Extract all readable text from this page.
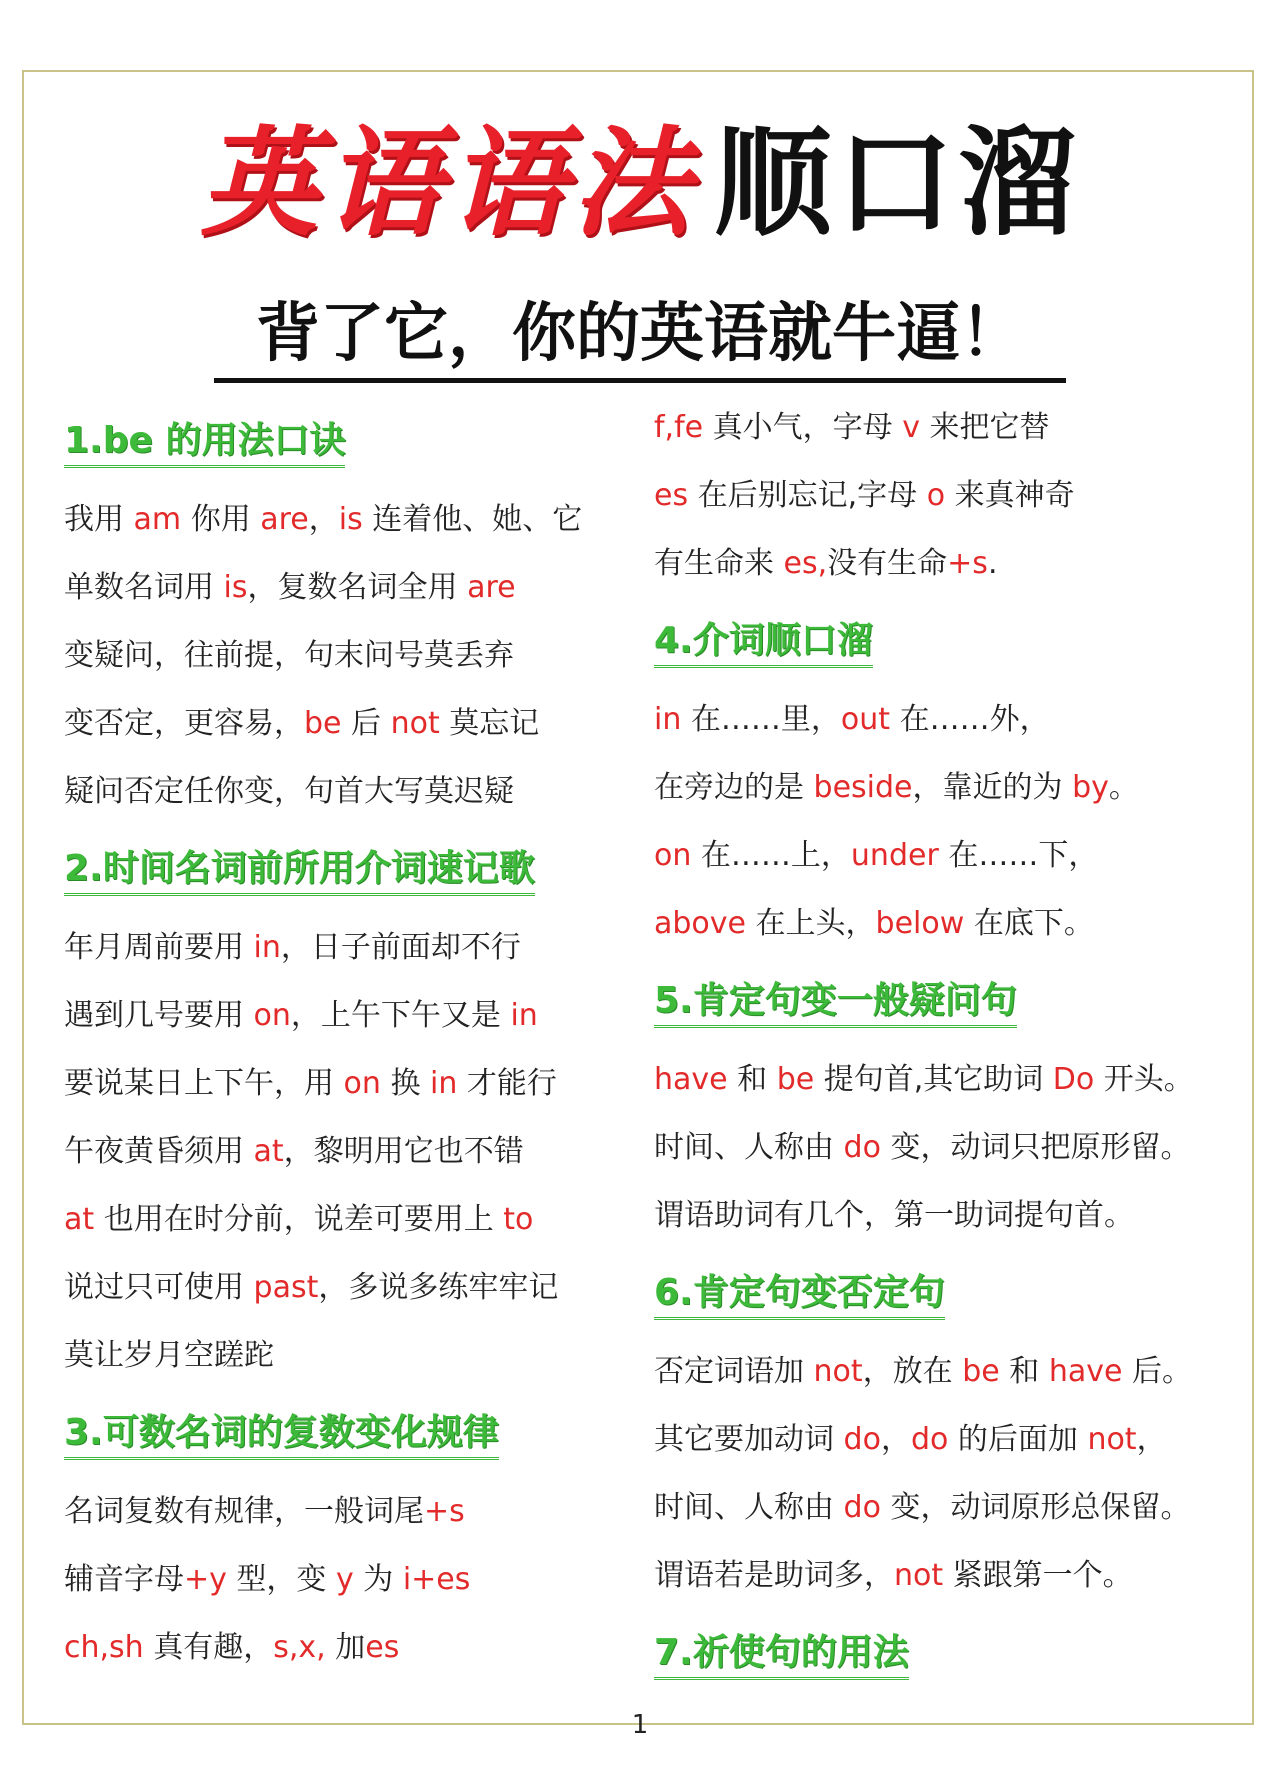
英语语法 顺口溜
背了它，你的英语就牛逼！
1.be 的用法口诀
我用 am 你用 are，is 连着他、她、它
单数名词用 is，复数名词全用 are
变疑问，往前提，句末问号莫丢弃
变否定，更容易，be 后 not 莫忘记
疑问否定任你变，句首大写莫迟疑
2.时间名词前所用介词速记歌
年月周前要用 in，日子前面却不行
遇到几号要用 on，上午下午又是 in
要说某日上下午，用 on 换 in 才能行
午夜黄昏须用 at，黎明用它也不错
at 也用在时分前，说差可要用上 to
说过只可使用 past，多说多练牢牢记
莫让岁月空蹉跎
3.可数名词的复数变化规律
名词复数有规律，一般词尾+s
辅音字母+y 型，变 y 为 i+es
ch,sh 真有趣，s,x, 加es
f,fe 真小气，字母 v 来把它替
es 在后别忘记,字母 o 来真神奇
有生命来 es,没有生命+s.
4.介词顺口溜
in 在……里，out 在……外，
在旁边的是 beside，靠近的为 by。
on 在……上，under 在……下，
above 在上头，below 在底下。
5.肯定句变一般疑问句
have 和 be 提句首,其它助词 Do 开头。
时间、人称由 do 变，动词只把原形留。
谓语助词有几个，第一助词提句首。
6.肯定句变否定句
否定词语加 not，放在 be 和 have 后。
其它要加动词 do，do 的后面加 not，
时间、人称由 do 变，动词原形总保留。
谓语若是助词多，not 紧跟第一个。
7.祈使句的用法
1
